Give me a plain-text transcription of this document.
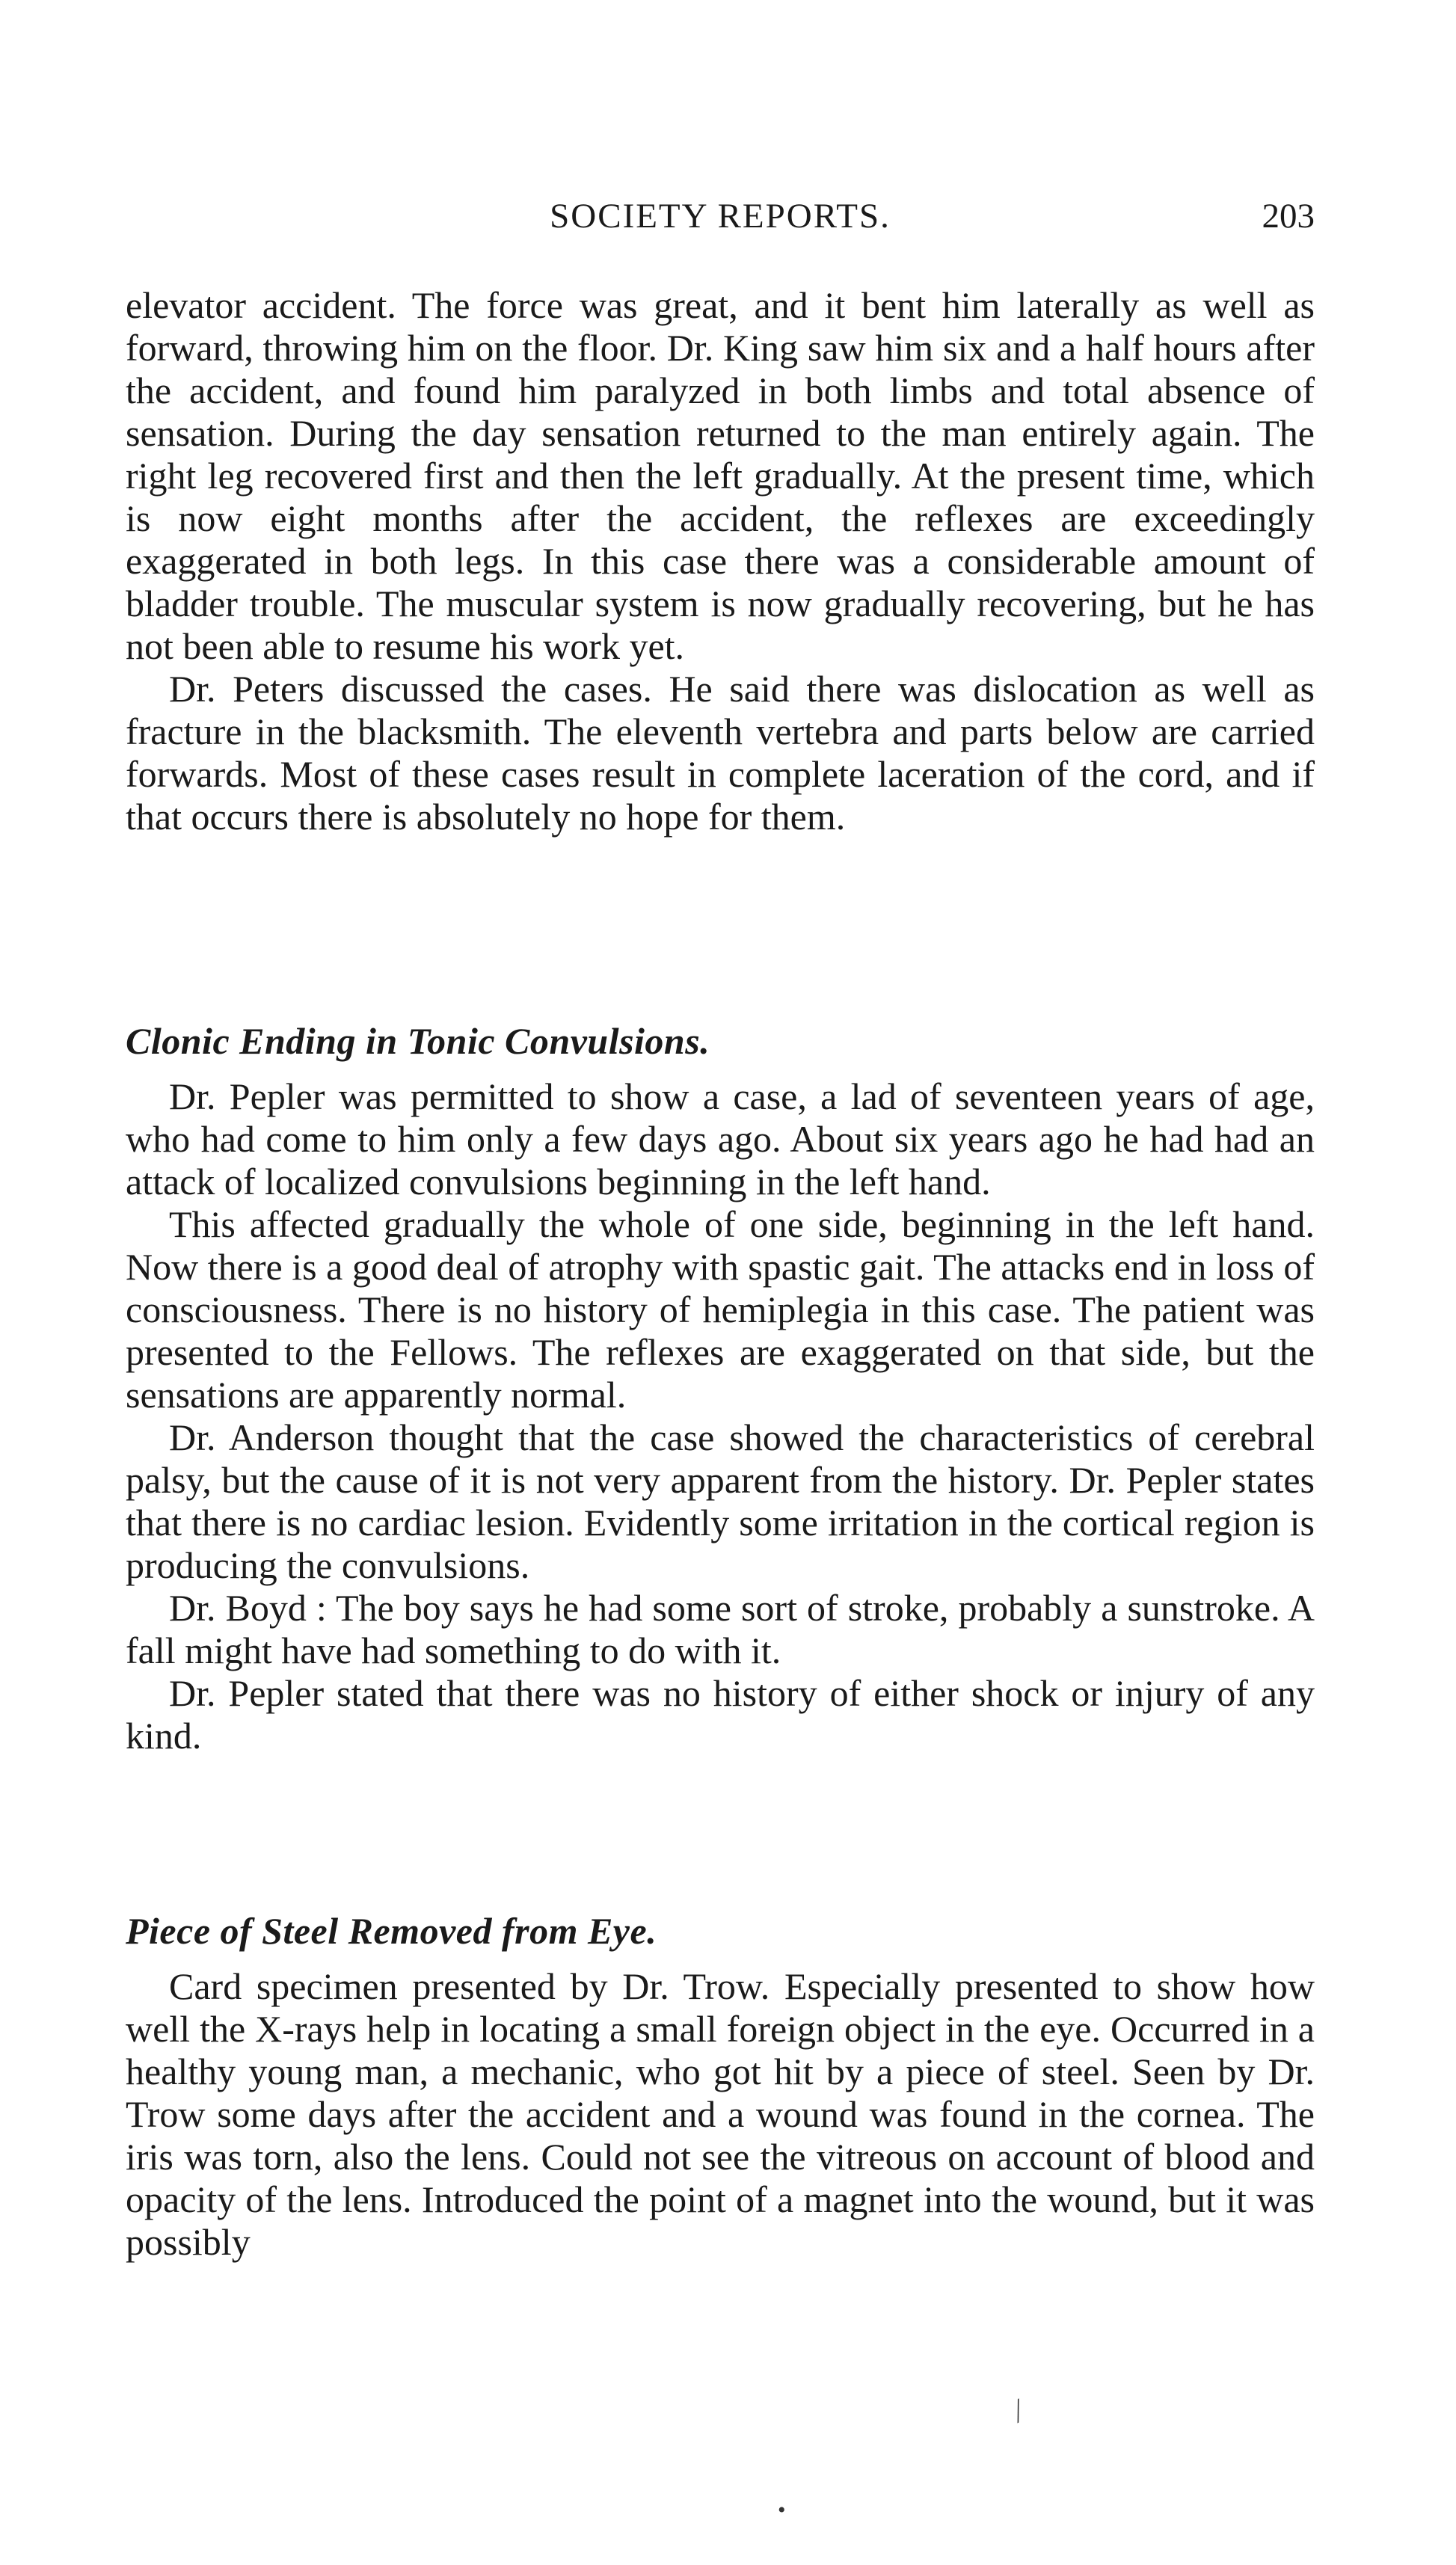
SOCIETY REPORTS.	203

elevator accident. The force was great, and it bent him laterally as well as forward, throwing him on the floor. Dr. King saw him six and a half hours after the accident, and found him paralyzed in both limbs and total absence of sensation. During the day sensation returned to the man entirely again. The right leg recovered first and then the left gradually. At the present time, which is now eight months after the accident, the reflexes are exceedingly exaggerated in both legs. In this case there was a considerable amount of bladder trouble. The muscular system is now gradually recovering, but he has not been able to resume his work yet.

Dr. Peters discussed the cases. He said there was dislocation as well as fracture in the blacksmith. The eleventh vertebra and parts below are carried forwards. Most of these cases result in complete laceration of the cord, and if that occurs there is absolutely no hope for them.

Clonic Ending in Tonic Convulsions.

Dr. Pepler was permitted to show a case, a lad of seventeen years of age, who had come to him only a few days ago. About six years ago he had had an attack of localized convulsions beginning in the left hand.

This affected gradually the whole of one side, beginning in the left hand. Now there is a good deal of atrophy with spastic gait. The attacks end in loss of consciousness. There is no history of hemiplegia in this case. The patient was presented to the Fellows. The reflexes are exaggerated on that side, but the sensations are apparently normal.

Dr. Anderson thought that the case showed the characteristics of cerebral palsy, but the cause of it is not very apparent from the history. Dr. Pepler states that there is no cardiac lesion. Evidently some irritation in the cortical region is producing the convulsions.

Dr. Boyd : The boy says he had some sort of stroke, probably a sunstroke. A fall might have had something to do with it.

Dr. Pepler stated that there was no history of either shock or injury of any kind.

Piece of Steel Removed from Eye.

Card specimen presented by Dr. Trow. Especially presented to show how well the X-rays help in locating a small foreign object in the eye. Occurred in a healthy young man, a mechanic, who got hit by a piece of steel. Seen by Dr. Trow some days after the accident and a wound was found in the cornea. The iris was torn, also the lens. Could not see the vitreous on account of blood and opacity of the lens. Introduced the point of a magnet into the wound, but it was possibly

∕
•
